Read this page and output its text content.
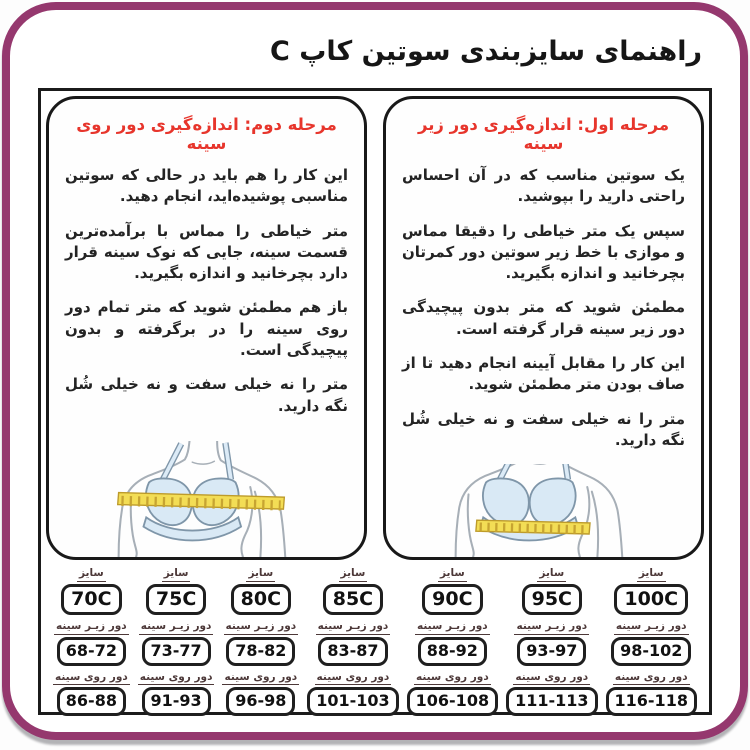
راهنمای سایزبندی سوتین کاپ C
مرحله دوم: اندازه‌گیری دور روی سینه

این کار را هم باید در حالی که سوتین مناسبی پوشیده‌اید، انجام دهید.

متر خیاطی را مماس با برآمده‌ترین قسمت سینه، جایی که نوک سینه قرار دارد بچرخانید و اندازه بگیرید.

باز هم مطمئن شوید که متر تمام دور روی سینه را در برگرفته و بدون پیچیدگی است.

متر را نه خیلی سفت و نه خیلی شُل نگه دارید.

مرحله اول: اندازه‌گیری دور زیر سینه

یک سوتین مناسب که در آن احساس راحتی دارید را بپوشید.

سپس یک متر خیاطی را دقیقا مماس و موازی با خط زیر سوتین دور کمرتان بچرخانید و اندازه بگیرید.

مطمئن شوید که متر بدون پیچیدگی دور زیر سینه قرار گرفته است.

این کار را مقابل آیینه انجام دهید تا از صاف بودن متر مطمئن شوید.

متر را نه خیلی سفت و نه خیلی شُل نگه دارید.

سایز
70C
دور زیـر سینه
68-72
دور روی سینه
86-88
سایز
75C
دور زیـر سینه
73-77
دور روی سینه
91-93
سایز
80C
دور زیـر سینه
78-82
دور روی سینه
96-98
سایز
85C
دور زیـر سینه
83-87
دور روی سینه
101-103
سایز
90C
دور زیـر سینه
88-92
دور روی سینه
106-108
سایز
95C
دور زیـر سینه
93-97
دور روی سینه
111-113
سایز
100C
دور زیـر سینه
98-102
دور روی سینه
116-118
